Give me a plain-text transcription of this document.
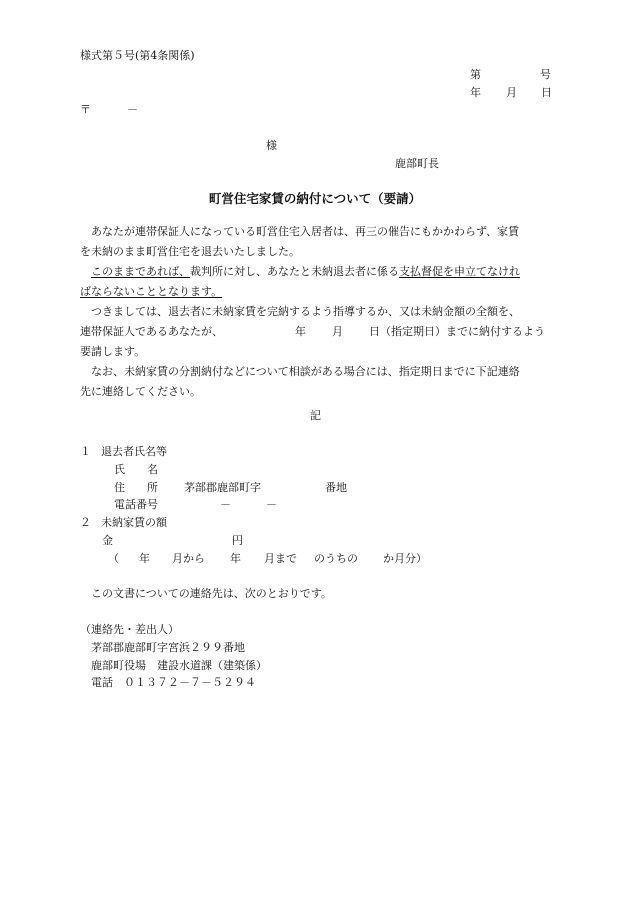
様式第５号(第4条関係)
第	号
年 月 日
〒	－
様
鹿部町長
町営住宅家賃の納付について（要請）

あなたが連帯保証人になっている町営住宅入居者は、再三の催告にもかかわらず、家賃
を未納のまま町営住宅を退去いたしました。

このままであれば、裁判所に対し、あなたと未納退去者に係る支払督促を申立てなけれ
ばならないこととなります。

つきましては、退去者に未納家賃を完納するよう指導するか、又は未納金額の全額を、
連帯保証人であるあなたが、	年 月 日（指定期日）までに納付するよう
要請します。

なお、未納家賃の分割納付などについて相談がある場合には、指定期日までに下記連絡
先に連絡してください。

記
１ 退去者氏名等
氏　　名
住　　所 茅部郡鹿部町字	番地
電話番号	－	－
２ 未納家賃の額
金	円
（ 年 月から 年 月まで のうちの か月分）
この文書についての連絡先は、次のとおりです。
（連絡先・差出人）
茅部郡鹿部町字宮浜２９９番地
鹿部町役場　建設水道課（建築係）
電話　０１３７２－７－５２９４
